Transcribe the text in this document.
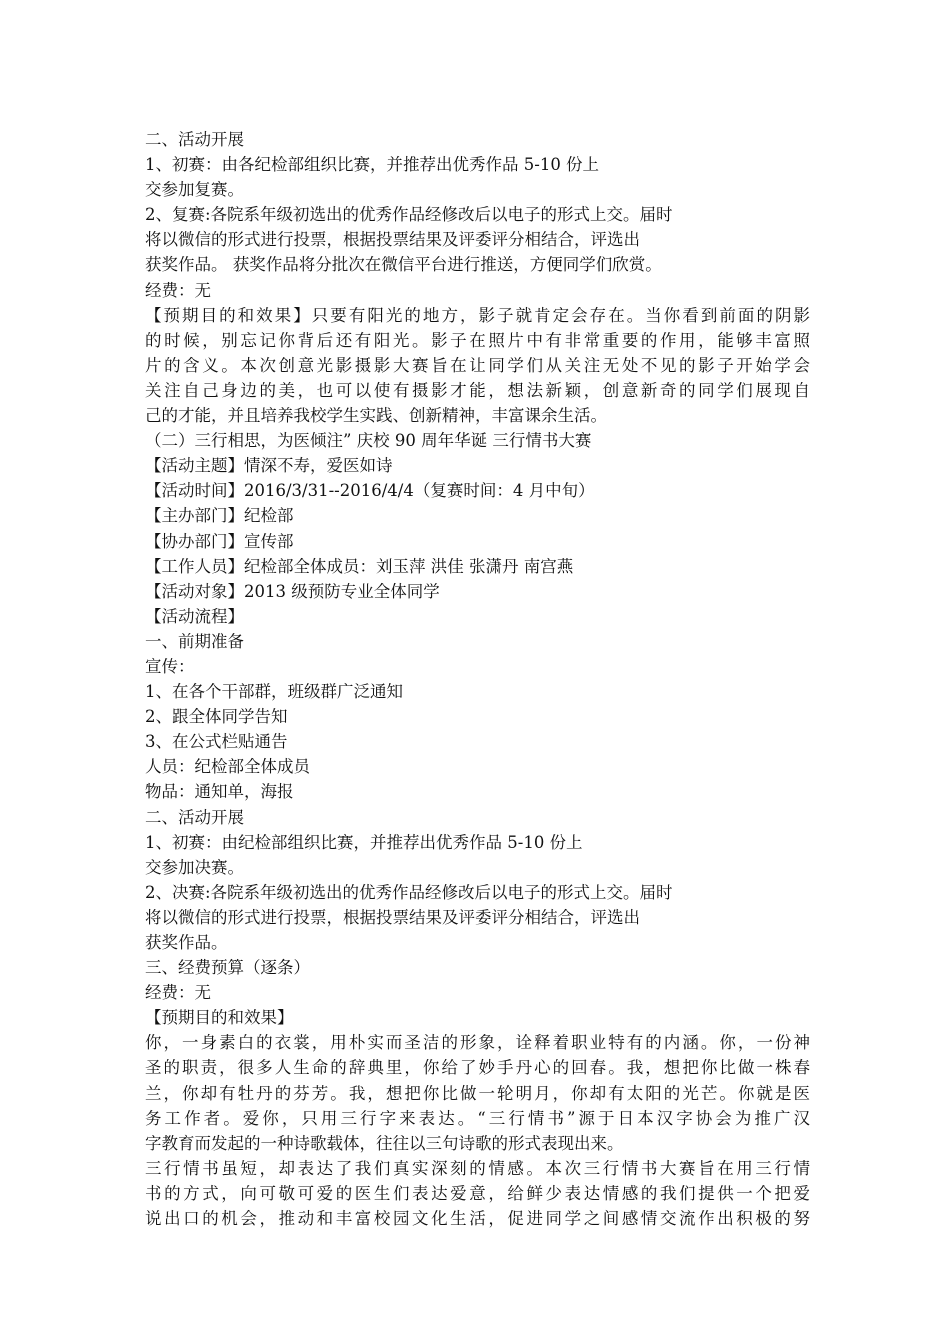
二、活动开展
1、初赛：由各纪检部组织比赛，并推荐出优秀作品 5-10 份上
交参加复赛。
2、复赛:各院系年级初选出的优秀作品经修改后以电子的形式上交。届时
将以微信的形式进行投票，根据投票结果及评委评分相结合，评选出
获奖作品。 获奖作品将分批次在微信平台进行推送，方便同学们欣赏。
经费：无
【预期目的和效果】只要有阳光的地方，影子就肯定会存在。当你看到前面的阴影
的时候，别忘记你背后还有阳光。影子在照片中有非常重要的作用，能够丰富照
片的含义。本次创意光影摄影大赛旨在让同学们从关注无处不见的影子开始学会
关注自己身边的美，也可以使有摄影才能，想法新颖，创意新奇的同学们展现自
己的才能，并且培养我校学生实践、创新精神，丰富课余生活。
（二）三行相思，为医倾注” 庆校 90 周年华诞 三行情书大赛
【活动主题】情深不寿，爱医如诗
【活动时间】2016/3/31--2016/4/4（复赛时间：4 月中旬）
【主办部门】纪检部
【协办部门】宣传部
【工作人员】纪检部全体成员：刘玉萍 洪佳 张潇丹 南宫燕
【活动对象】2013 级预防专业全体同学
【活动流程】
一、前期准备
宣传：
1、在各个干部群，班级群广泛通知
2、跟全体同学告知
3、在公式栏贴通告
人员：纪检部全体成员
物品：通知单，海报
二、活动开展
1、初赛：由纪检部组织比赛，并推荐出优秀作品 5-10 份上
交参加决赛。
2、决赛:各院系年级初选出的优秀作品经修改后以电子的形式上交。届时
将以微信的形式进行投票，根据投票结果及评委评分相结合，评选出
获奖作品。
三、经费预算（逐条）
经费：无
【预期目的和效果】
你，一身素白的衣裳，用朴实而圣洁的形象，诠释着职业特有的内涵。你，一份神
圣的职责，很多人生命的辞典里，你给了妙手丹心的回春。我，想把你比做一株春
兰，你却有牡丹的芬芳。我，想把你比做一轮明月，你却有太阳的光芒。你就是医
务工作者。爱你，只用三行字来表达。“三行情书”源于日本汉字协会为推广汉
字教育而发起的一种诗歌载体，往往以三句诗歌的形式表现出来。
三行情书虽短，却表达了我们真实深刻的情感。本次三行情书大赛旨在用三行情
书的方式，向可敬可爱的医生们表达爱意，给鲜少表达情感的我们提供一个把爱
说出口的机会，推动和丰富校园文化生活，促进同学之间感情交流作出积极的努
